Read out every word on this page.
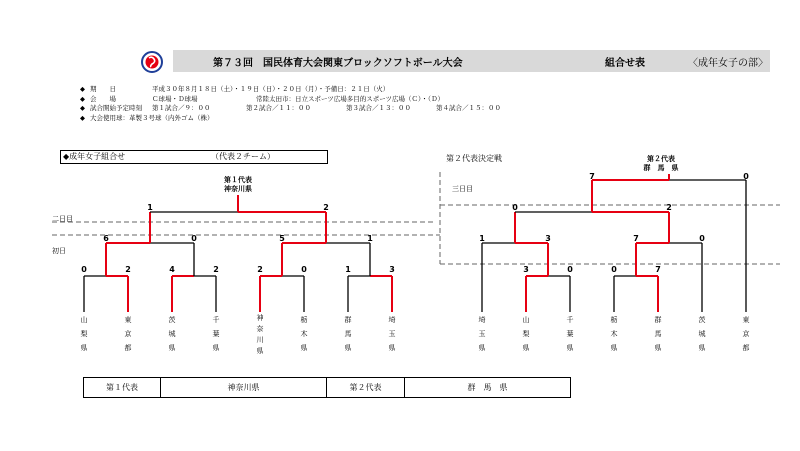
第７３回　国民体育大会関東ブロックソフトボール大会	組合せ表	〈成年女子の部〉
◆ 期　　日	平成３０年８月１８日（土）・１９日（日）・２０日（月）・予備日：２１日（火）
◆ 会　　場	Ｃ球場・Ｄ球場	常陸太田市：日立スポーツ広場多目的スポーツ広場（Ｃ）・（Ｄ）
◆ 試合開始予定時刻 第１試合／９：００	第２試合／１１：００	第３試合／１３：００	第４試合／１５：００
◆ 大会使用球：革製３号球（内外ゴム（株）
◆成年女子組合せ	（代表２チーム）	第２代表決定戦
二日目
初日
三日目
第１代表
神奈川県
第２代表
群　馬　県
0	2	4	2	2	0	1	3
6	0	5	1
1	2
3	0	0	7
1	3	7	0
0	2
7	0
山
梨
県
東
京
都
茨
城
県
千
葉
県
神
奈
川
県
栃
木
県
群
馬
県
埼
玉
県
埼
玉
県
山
梨
県
千
葉
県
栃
木
県
群
馬
県
茨
城
県
東
京
都
第１代表	神奈川県	第２代表	群　馬　県
